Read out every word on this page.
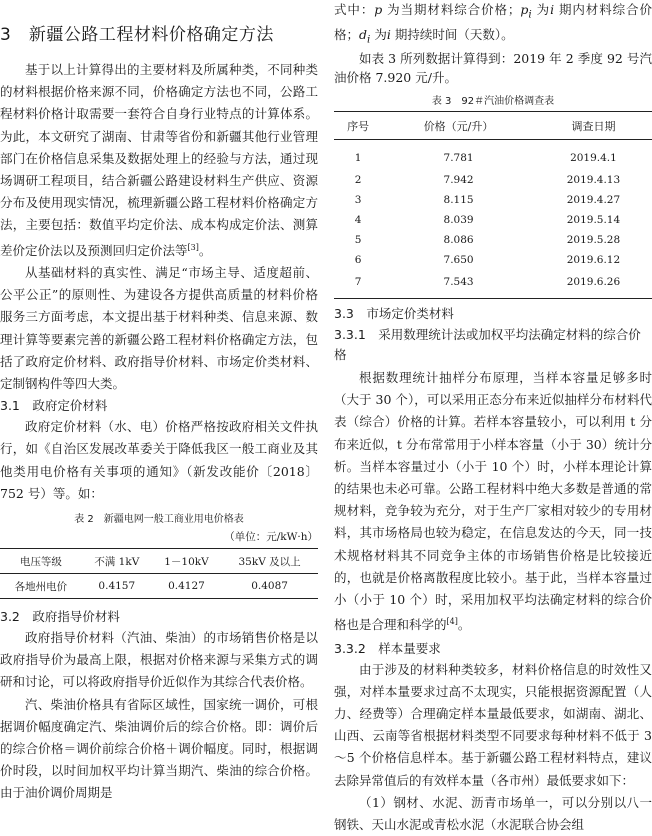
3　新疆公路工程材料价格确定方法

基于以上计算得出的主要材料及所属种类，不同种类的材料根据价格来源不同，价格确定方法也不同，公路工程材料价格计取需要一套符合自身行业特点的计算体系。为此，本文研究了湖南、甘肃等省份和新疆其他行业管理部门在价格信息采集及数据处理上的经验与方法，通过现场调研工程项目，结合新疆公路建设材料生产供应、资源分布及使用现实情况，梳理新疆公路工程材料价格确定方法，主要包括：数值平均定价法、成本构成定价法、测算差价定价法以及预测回归定价法等[3]。

从基础材料的真实性、满足“市场主导、适度超前、公平公正”的原则性、为建设各方提供高质量的材料价格服务三方面考虑，本文提出基于材料种类、信息来源、数理计算等要素完善的新疆公路工程材料价格确定方法，包括了政府定价材料、政府指导价材料、市场定价类材料、定制钢构件等四大类。

3.1　政府定价材料

政府定价材料（水、电）价格严格按政府相关文件执行，如《自治区发展改革委关于降低我区一般工商业及其他类用电价格有关事项的通知》（新发改能价〔2018〕752 号）等。如：

表 2　新疆电网一般工商业用电价格表
（单位：元/kW·h）
电压等级	不满 1kV	1－10kV	35kV 及以上
各地州电价	0.4157	0.4127	0.4087
3.2　政府指导价材料

政府指导价材料（汽油、柴油）的市场销售价格是以政府指导价为最高上限，根据对价格来源与采集方式的调研和讨论，可以将政府指导价近似作为其综合代表价格。

汽、柴油价格具有省际区域性，国家统一调价，可根据调价幅度确定汽、柴油调价后的综合价格。即：调价后的综合价格＝调价前综合价格＋调价幅度。同时，根据调价时段，以时间加权平均计算当期汽、柴油的综合价格。由于油价调价周期是

式中：p 为当期材料综合价格；$p_i$ 为i 期内材料综合价格；$d_i$ 为i 期持续时间（天数）。

如表 3 所列数据计算得到：2019 年 2 季度 92 号汽油价格 7.920 元/升。

表 3　92＃汽油价格调查表
序号	价格（元/升）	调查日期
1	7.781	2019.4.1
2	7.942	2019.4.13
3	8.115	2019.4.27
4	8.039	2019.5.14
5	8.086	2019.5.28
6	7.650	2019.6.12
7	7.543	2019.6.26
3.3　市场定价类材料
3.3.1　采用数理统计法或加权平均法确定材料的综合价格

根据数理统计抽样分布原理，当样本容量足够多时（大于 30 个），可以采用正态分布来近似抽样分布材料代表（综合）价格的计算。若样本容量较小，可以利用 t 分布来近似，t 分布常常用于小样本容量（小于 30）统计分析。当样本容量过小（小于 10 个）时，小样本理论计算的结果也未必可靠。公路工程材料中绝大多数是普通的常规材料，竞争较为充分，对于生产厂家相对较少的专用材料，其市场格局也较为稳定，在信息发达的今天，同一技术规格材料其不同竞争主体的市场销售价格是比较接近的，也就是价格离散程度比较小。基于此，当样本容量过小（小于 10 个）时，采用加权平均法确定材料的综合价格也是合理和科学的[4]。

3.3.2　样本量要求

由于涉及的材料种类较多，材料价格信息的时效性又强，对样本量要求过高不太现实，只能根据资源配置（人力、经费等）合理确定样本量最低要求，如湖南、湖北、山西、云南等省根据材料类型不同要求每种材料不低于 3～5 个价格信息样本。基于新疆公路工程材料特点，建议去除异常值后的有效样本量（各市州）最低要求如下：

（1）钢材、水泥、沥青市场单一，可以分别以八一钢铁、天山水泥或青松水泥（水泥联合协会组
